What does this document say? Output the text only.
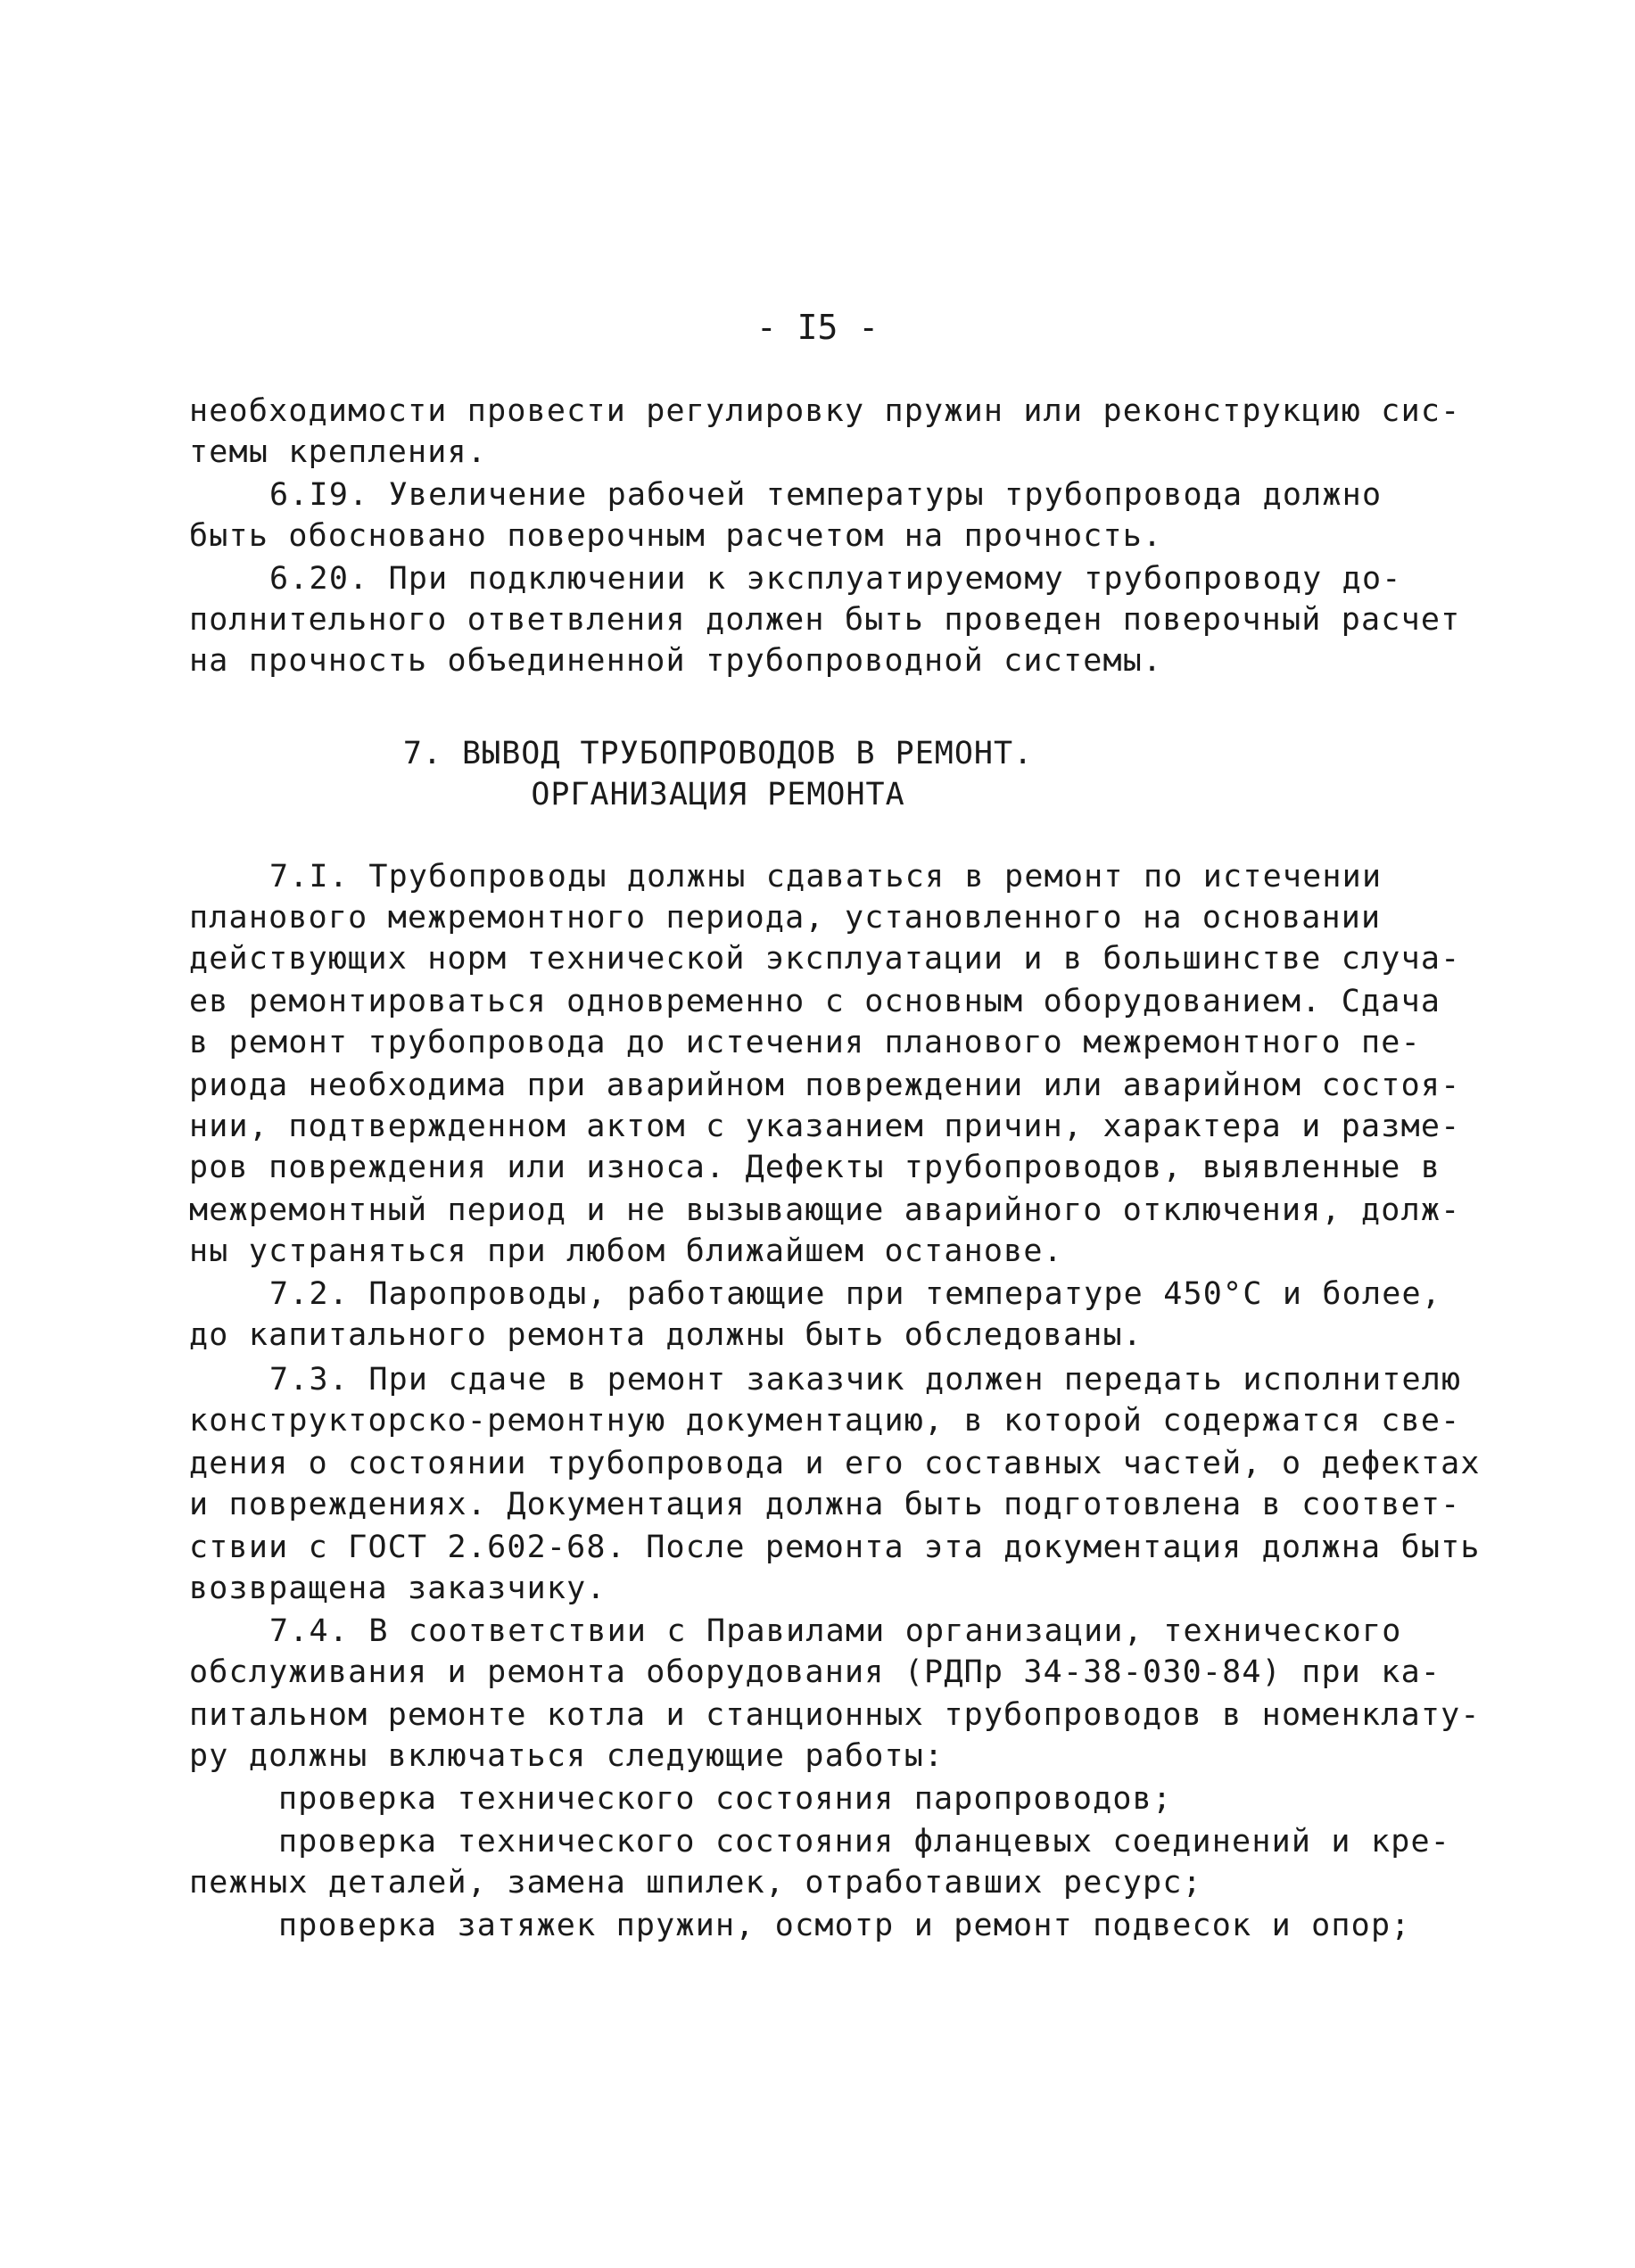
- I5 -
необходимости провести регулировку пружин или реконструкцию сис-
темы крепления.
6.I9. Увеличение рабочей температуры трубопровода должно
быть обосновано поверочным расчетом на прочность.
6.20. При подключении к эксплуатируемому трубопроводу до-
полнительного ответвления должен быть проведен поверочный расчет
на прочность объединенной трубопроводной системы.
7. ВЫВОД ТРУБОПРОВОДОВ В РЕМОНТ.
ОРГАНИЗАЦИЯ РЕМОНТА
7.I. Трубопроводы должны сдаваться в ремонт по истечении
планового межремонтного периода, установленного на основании
действующих норм технической эксплуатации и в большинстве случа-
ев ремонтироваться одновременно с основным оборудованием. Сдача
в ремонт трубопровода до истечения планового межремонтного пе-
риода необходима при аварийном повреждении или аварийном состоя-
нии, подтвержденном актом с указанием причин, характера и разме-
ров повреждения или износа. Дефекты трубопроводов, выявленные в
межремонтный период и не вызывающие аварийного отключения, долж-
ны устраняться при любом ближайшем останове.
7.2. Паропроводы, работающие при температуре 450°С и более,
до капитального ремонта должны быть обследованы.
7.3. При сдаче в ремонт заказчик должен передать исполнителю
конструкторско-ремонтную документацию, в которой содержатся све-
дения о состоянии трубопровода и его составных частей, о дефектах
и повреждениях. Документация должна быть подготовлена в соответ-
ствии с ГОСТ 2.602-68. После ремонта эта документация должна быть
возвращена заказчику.
7.4. В соответствии с Правилами организации, технического
обслуживания и ремонта оборудования (РДПр 34-38-030-84) при ка-
питальном ремонте котла и станционных трубопроводов в номенклату-
ру должны включаться следующие работы:
проверка технического состояния паропроводов;
проверка технического состояния фланцевых соединений и кре-
пежных деталей, замена шпилек, отработавших ресурс;
проверка затяжек пружин, осмотр и ремонт подвесок и опор;
